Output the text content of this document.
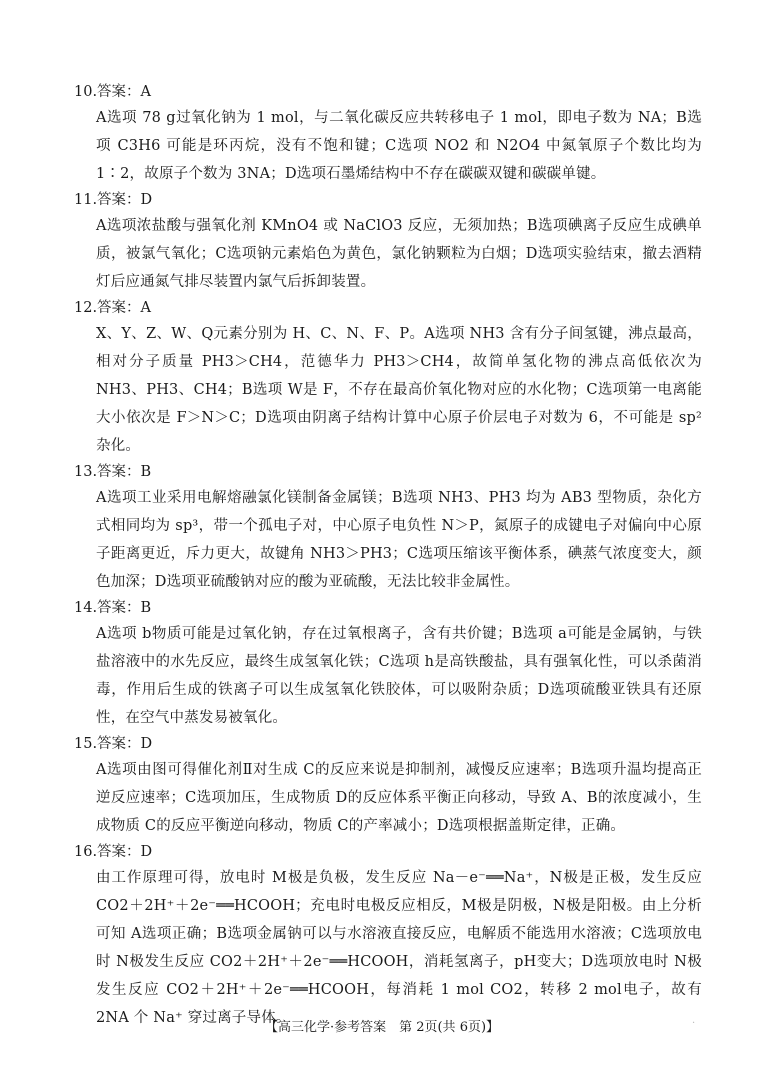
10.答案：A
A选项 78 g过氧化钠为 1 mol，与二氧化碳反应共转移电子 1 mol，即电子数为 NA；B选项 C3H6 可能是环丙烷，没有不饱和键；C选项 NO2 和 N2O4 中氮氧原子个数比均为 1∶2，故原子个数为 3NA；D选项石墨烯结构中不存在碳碳双键和碳碳单键。
11.答案：D
A选项浓盐酸与强氧化剂 KMnO4 或 NaClO3 反应，无须加热；B选项碘离子反应生成碘单质，被氯气氧化；C选项钠元素焰色为黄色，氯化钠颗粒为白烟；D选项实验结束，撤去酒精灯后应通氮气排尽装置内氯气后拆卸装置。
12.答案：A
X、Y、Z、W、Q元素分别为 H、C、N、F、P。A选项 NH3 含有分子间氢键，沸点最高，相对分子质量 PH3＞CH4，范德华力 PH3＞CH4，故简单氢化物的沸点高低依次为 NH3、PH3、CH4；B选项 W是 F，不存在最高价氧化物对应的水化物；C选项第一电离能大小依次是 F＞N＞C；D选项由阴离子结构计算中心原子价层电子对数为 6，不可能是 sp² 杂化。
13.答案：B
A选项工业采用电解熔融氯化镁制备金属镁；B选项 NH3、PH3 均为 AB3 型物质，杂化方式相同均为 sp³，带一个孤电子对，中心原子电负性 N＞P，氮原子的成键电子对偏向中心原子距离更近，斥力更大，故键角 NH3＞PH3；C选项压缩该平衡体系，碘蒸气浓度变大，颜色加深；D选项亚硫酸钠对应的酸为亚硫酸，无法比较非金属性。
14.答案：B
A选项 b物质可能是过氧化钠，存在过氧根离子，含有共价键；B选项 a可能是金属钠，与铁盐溶液中的水先反应，最终生成氢氧化铁；C选项 h是高铁酸盐，具有强氧化性，可以杀菌消毒，作用后生成的铁离子可以生成氢氧化铁胶体，可以吸附杂质；D选项硫酸亚铁具有还原性，在空气中蒸发易被氧化。
15.答案：D
A选项由图可得催化剂Ⅱ对生成 C的反应来说是抑制剂，减慢反应速率；B选项升温均提高正逆反应速率；C选项加压，生成物质 D的反应体系平衡正向移动，导致 A、B的浓度减小，生成物质 C的反应平衡逆向移动，物质 C的产率减小；D选项根据盖斯定律，正确。
16.答案：D
由工作原理可得，放电时 M极是负极，发生反应 Na－e⁻══Na⁺，N极是正极，发生反应 CO2＋2H⁺＋2e⁻══HCOOH；充电时电极反应相反，M极是阴极，N极是阳极。由上分析可知 A选项正确；B选项金属钠可以与水溶液直接反应，电解质不能选用水溶液；C选项放电时 N极发生反应 CO2＋2H⁺＋2e⁻══HCOOH，消耗氢离子，pH变大；D选项放电时 N极发生反应 CO2＋2H⁺＋2e⁻══HCOOH，每消耗 1 mol CO2，转移 2 mol电子，故有 2NA 个 Na⁺ 穿过离子导体。
【高三化学·参考答案　第 2页(共 6页)】	·
